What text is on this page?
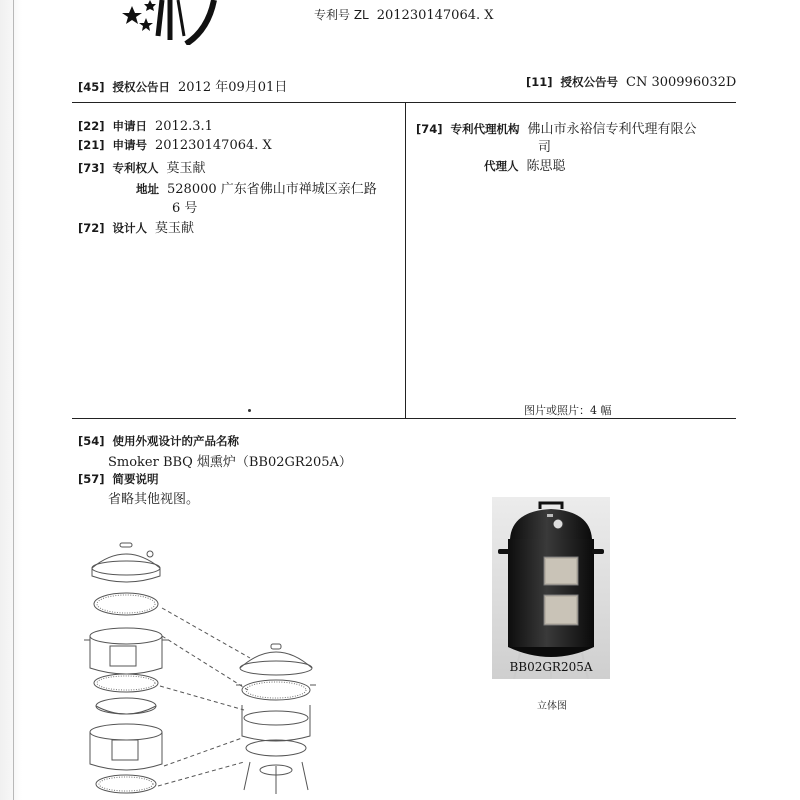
专利号 ZL 201230147064. X
[45] 授权公告日 2012 年09月01日	[11] 授权公告号 CN 300996032D
[22] 申请日 2012.3.1
[21] 申请号 201230147064. X
[73] 专利权人 莫玉献
地址 528000 广东省佛山市禅城区亲仁路
6 号
[72] 设计人 莫玉献
[74] 专利代理机构 佛山市永裕信专利代理有限公
司
代理人 陈思聪
图片或照片：4 幅
[54] 使用外观设计的产品名称
Smoker BBQ 烟熏炉（BB02GR205A）
[57] 简要说明
省略其他视图。
BB02GR205A
立体图
